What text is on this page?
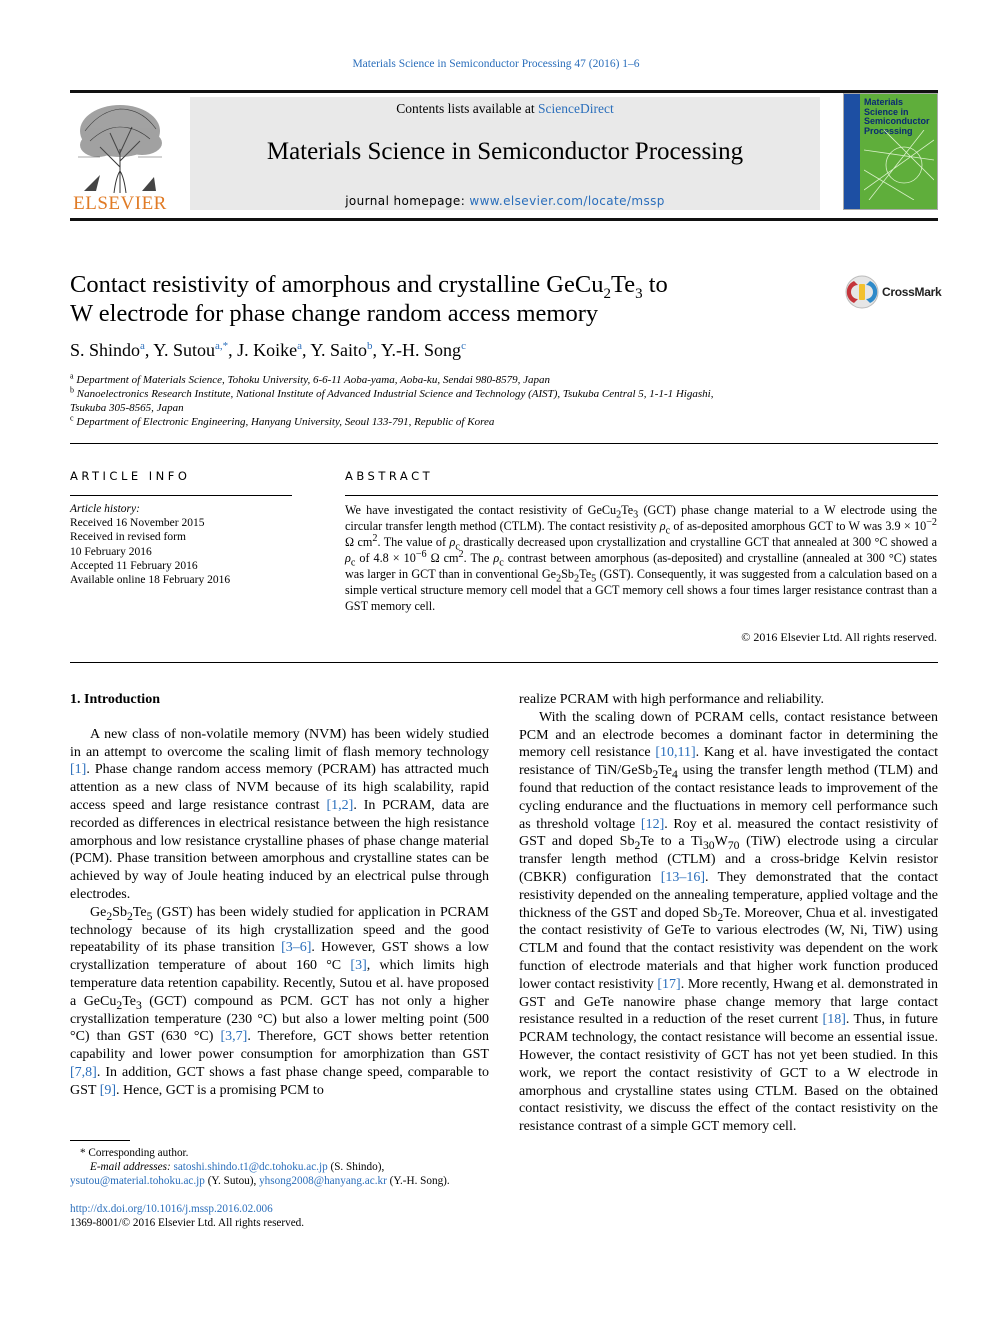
Materials Science in Semiconductor Processing 47 (2016) 1–6
ELSEVIER
Contents lists available at ScienceDirect
Materials Science in Semiconductor Processing
journal homepage: www.elsevier.com/locate/mssp
Materials Science in Semiconductor Processing
Contact resistivity of amorphous and crystalline $GeCu_2Te_3$ to
W electrode for phase change random access memory
CrossMark
S. Shindo$^a$, Y. Sutou$^{a,*}$, J. Koike$^a$, Y. Saito$^b$, Y.-H. Song$^c$
$^a$ Department of Materials Science, Tohoku University, 6-6-11 Aoba-yama, Aoba-ku, Sendai 980-8579, Japan
$^b$ Nanoelectronics Research Institute, National Institute of Advanced Industrial Science and Technology (AIST), Tsukuba Central 5, 1-1-1 Higashi,
Tsukuba 305-8565, Japan
$^c$ Department of Electronic Engineering, Hanyang University, Seoul 133-791, Republic of Korea
ARTICLE INFO
Article history:
Received 16 November 2015
Received in revised form
10 February 2016
Accepted 11 February 2016
Available online 18 February 2016
ABSTRACT
We have investigated the contact resistivity of $GeCu_2Te_3$ (GCT) phase change material to a W electrode using the circular transfer length method (CTLM). The contact resistivity $\rho_c$ of as-deposited amorphous GCT to W was $3.9 \times 10^{-2}$ Ω $cm^2$. The value of $\rho_c$ drastically decreased upon crystallization and crystalline GCT that annealed at 300 °C showed a $\rho_c$ of $4.8 \times 10^{-6}$ Ω $cm^2$. The $\rho_c$ contrast between amorphous (as-deposited) and crystalline (annealed at 300 °C) states was larger in GCT than in conventional $Ge_2Sb_2Te_5$ (GST). Consequently, it was suggested from a calculation based on a simple vertical structure memory cell model that a GCT memory cell shows a four times larger resistance contrast than a GST memory cell.
© 2016 Elsevier Ltd. All rights reserved.

1. Introduction

A new class of non-volatile memory (NVM) has been widely studied in an attempt to overcome the scaling limit of flash memory technology [1]. Phase change random access memory (PCRAM) has attracted much attention as a new class of NVM because of its high scalability, rapid access speed and large resistance contrast [1,2]. In PCRAM, data are recorded as differences in electrical resistance between the high resistance amorphous and low resistance crystalline phases of phase change material (PCM). Phase transition between amorphous and crystalline states can be achieved by way of Joule heating induced by an electrical pulse through electrodes.

$Ge_2Sb_2Te_5$ (GST) has been widely studied for application in PCRAM technology because of its high crystallization speed and the good repeatability of its phase transition [3–6]. However, GST shows a low crystallization temperature of about 160 °C [3], which limits high temperature data retention capability. Recently, Sutou et al. have proposed a $GeCu_2Te_3$ (GCT) compound as PCM. GCT has not only a higher crystallization temperature (230 °C) but also a lower melting point (500 °C) than GST (630 °C) [3,7]. Therefore, GCT shows better retention capability and lower power consumption for amorphization than GST [7,8]. In addition, GCT shows a fast phase change speed, comparable to GST [9]. Hence, GCT is a promising PCM to

realize PCRAM with high performance and reliability.

With the scaling down of PCRAM cells, contact resistance between PCM and an electrode becomes a dominant factor in determining the memory cell resistance [10,11]. Kang et al. have investigated the contact resistance of TiN/$GeSb_2Te_4$ using the transfer length method (TLM) and found that reduction of the contact resistance leads to improvement of the cycling endurance and the fluctuations in memory cell performance such as threshold voltage [12]. Roy et al. measured the contact resistivity of GST and doped $Sb_2Te$ to a $Ti_{30}W_{70}$ (TiW) electrode using a circular transfer length method (CTLM) and a cross-bridge Kelvin resistor (CBKR) configuration [13–16]. They demonstrated that the contact resistivity depended on the annealing temperature, applied voltage and the thickness of the GST and doped $Sb_2Te$. Moreover, Chua et al. investigated the contact resistivity of GeTe to various electrodes (W, Ni, TiW) using CTLM and found that the contact resistivity was dependent on the work function of electrode materials and that higher work function produced lower contact resistivity [17]. More recently, Hwang et al. demonstrated in GST and GeTe nanowire phase change memory that large contact resistance resulted in a reduction of the reset current [18]. Thus, in future PCRAM technology, the contact resistance will become an essential issue. However, the contact resistivity of GCT has not yet been studied. In this work, we report the contact resistivity of GCT to a W electrode in amorphous and crystalline states using CTLM. Based on the obtained contact resistivity, we discuss the effect of the contact resistivity on the resistance contrast of a simple GCT memory cell.

* Corresponding author.
E-mail addresses: satoshi.shindo.t1@dc.tohoku.ac.jp (S. Shindo),
ysutou@material.tohoku.ac.jp (Y. Sutou), yhsong2008@hanyang.ac.kr (Y.-H. Song).
http://dx.doi.org/10.1016/j.mssp.2016.02.006
1369-8001/© 2016 Elsevier Ltd. All rights reserved.
